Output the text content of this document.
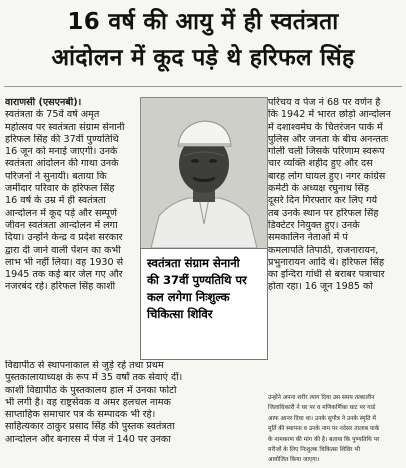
16 वर्ष की आयु में ही स्वतंत्रता
आंदोलन में कूद पड़े थे हरिफल सिंह
वाराणसी (एसएनबी)।
स्वतंत्रता के 75वें वर्ष अमृत
महोत्सव पर स्वतंत्रता संग्राम सेनानी
हरिफल सिंह की 37वीं पुण्यतिथि
16 जून को मनाई जाएगी। उनके
स्वतंत्रता आंदोलन की गाथा उनके
परिजनों ने सुनायी। बताया कि
जमींदार परिवार के हरिफल सिंह
16 वर्ष के उम्र में ही स्वतंत्रता
आन्दोलन में कूद पड़े और सम्पूर्ण
जीवन स्वतंत्रता आन्दोलन में लगा
दिया। उन्होंने केन्द्र व प्रदेश सरकार
द्वारा दी जाने वाली पेंशन का कभी
लाभ भी नहीं लिया। वह 1930 से
1945 तक कई बार जेल गए और
नजरबंद रहे। हरिफल सिंह काशी
स्वतंत्रता संग्राम सेनानी
की 37वीं पुण्यतिथि पर
कल लगेगा निःशुल्क
चिकित्सा शिविर
परिचय व पेज नं 68 पर वर्णन है
कि 1942 में भारत छोड़ो आन्दोलन
में दशाश्वमेघ के चितरंजन पार्क में
पुलिस और जनता के बीच अनन्ततः
गोली चली जिसके परिणाम स्वरूप
चार व्यक्ति शहीद हुए और दस
बारह लोग घायल हुए। नगर कांग्रेस
कमेटी के अध्यक्ष रघुनाथ सिंह
दूसरे दिन गिरफ्तार कर लिए गये
तब उनके स्थान पर हरिफल सिंह
डिक्टेटर नियुक्त हुए। उनके
समकालिन नेताओं में पं
कमलापति तिपाठी, राजनारायन,
प्रभुनारायन आदि थे। हरिफल सिंह
का इन्दिरा गांधी से बराबर पत्राचार
होता रहा। 16 जून 1985 को
विद्यापीठ से स्थापनाकाल से जुड़े रहे तथा प्रथम
पुस्तकालायाध्यक्ष के रूप में 35 वर्षों तक सेवाएं दीं।
काशी विद्यापीठ के पुस्तकालय हाल में उनका फोटो
भी लगी है। वह राष्ट्रसेवक व अमर हलचल नामक
साप्ताहिक समाचार पत्र के सम्पादक भी रहे।
साहित्यकार ठाकुर प्रसाद सिंह की पुस्तक स्वतंत्रता
आन्दोलन और बनारस में पेज नं 140 पर उनका
उन्होंने अपना शरीर त्याग दिया उस समय तत्कालीन
जिलाधिकारी ने घर पर व मणिकर्णिका घाट पर गार्ड
आफ आनर दिया था। उनके सुपौत्र ने उनके स्मृति में
मूर्ति की स्थापना व उनके नाम पर नदेसर तालाब पार्क
के नामकरण की मांग की है। बताया कि पुण्यतिथि पर
मरीजों के लिए निःशुल्क चिकित्सा शिविर भी
आयोजित किया जाएगा।
